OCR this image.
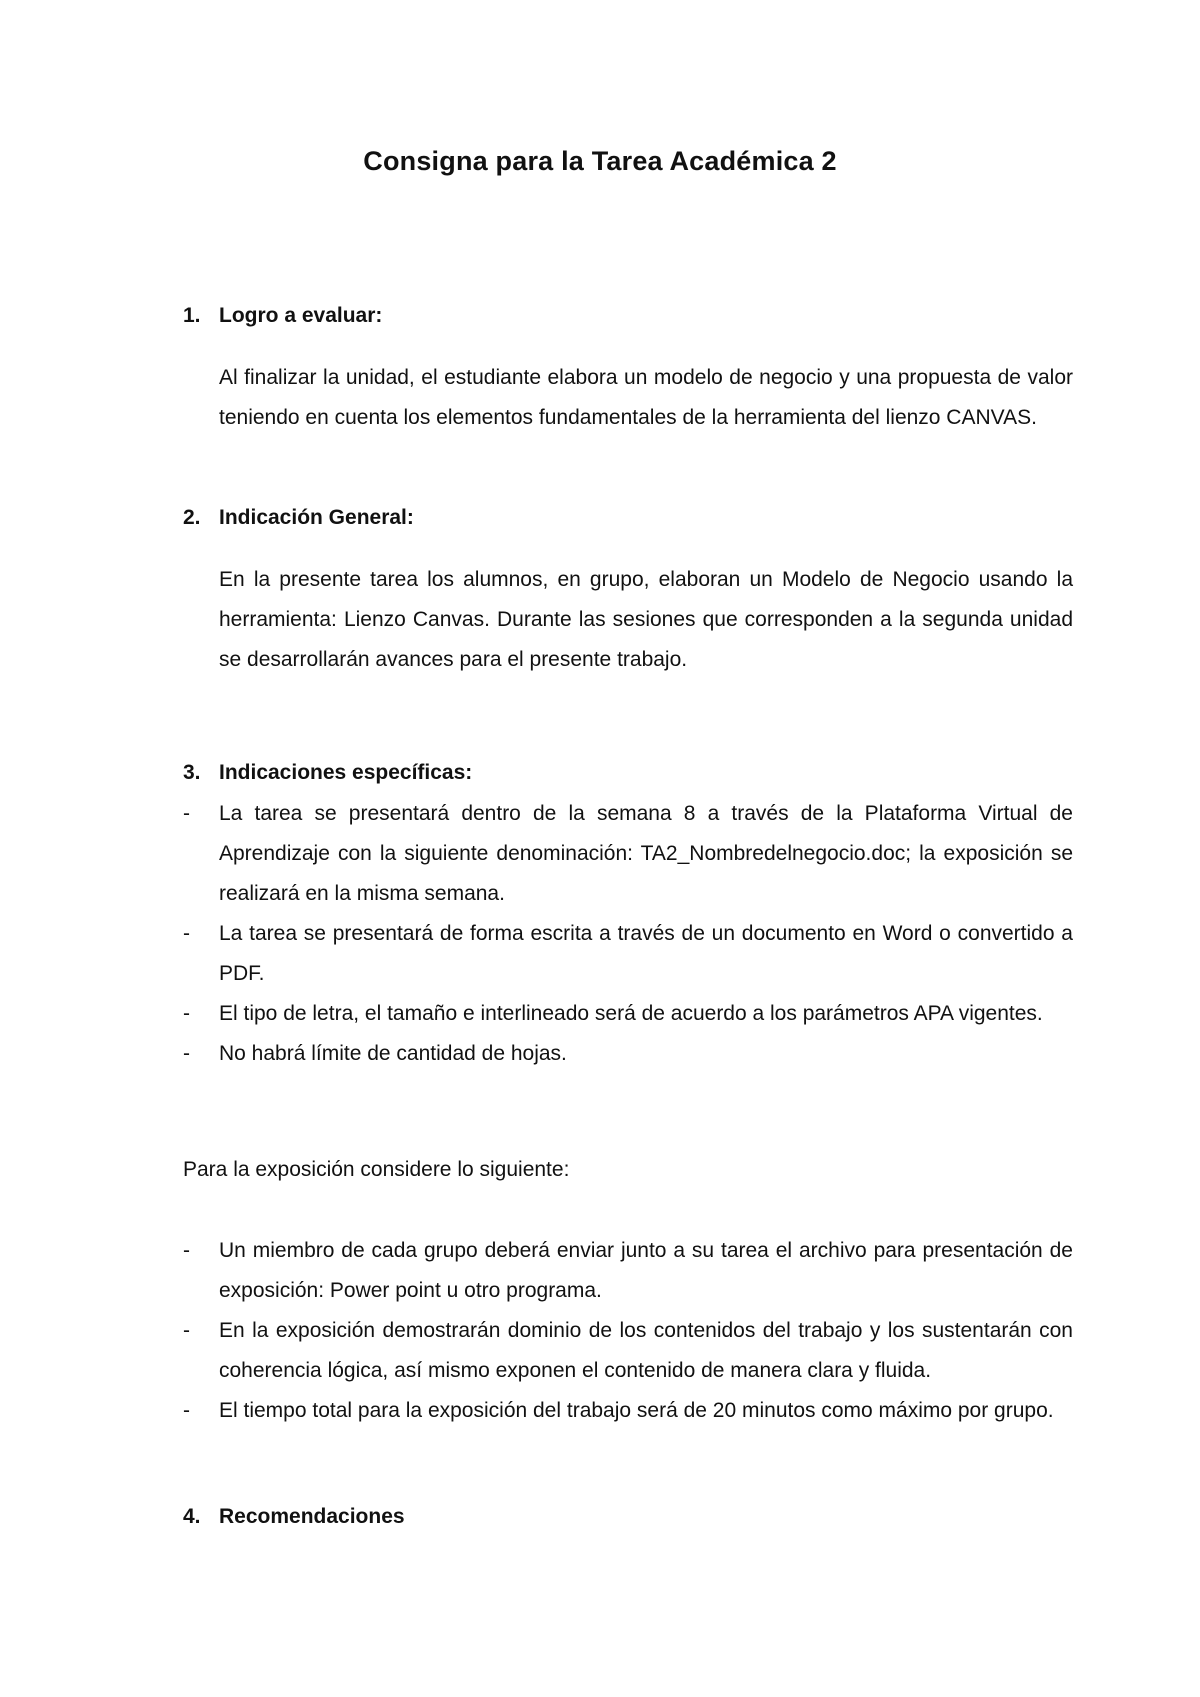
Consigna para la Tarea Académica 2
1. Logro a evaluar:
Al finalizar la unidad, el estudiante elabora un modelo de negocio y una propuesta de valor teniendo en cuenta los elementos fundamentales de la herramienta del lienzo CANVAS.
2. Indicación General:
En la presente tarea los alumnos, en grupo, elaboran un Modelo de Negocio usando la herramienta: Lienzo Canvas. Durante las sesiones que corresponden a la segunda unidad se desarrollarán avances para el presente trabajo.
3. Indicaciones específicas:
-	La tarea se presentará dentro de la semana 8 a través de la Plataforma Virtual de Aprendizaje con la siguiente denominación: TA2_Nombredelnegocio.doc; la exposición se realizará en la misma semana.
-	La tarea se presentará de forma escrita a través de un documento en Word o convertido a PDF.
-	El tipo de letra, el tamaño e interlineado será de acuerdo a los parámetros APA vigentes.
-	No habrá límite de cantidad de hojas.
Para la exposición considere lo siguiente:
-	Un miembro de cada grupo deberá enviar junto a su tarea el archivo para presentación de exposición: Power point u otro programa.
-	En la exposición demostrarán dominio de los contenidos del trabajo y los sustentarán con coherencia lógica, así mismo exponen el contenido de manera clara y fluida.
-	El tiempo total para la exposición del trabajo será de 20 minutos como máximo por grupo.
4. Recomendaciones
